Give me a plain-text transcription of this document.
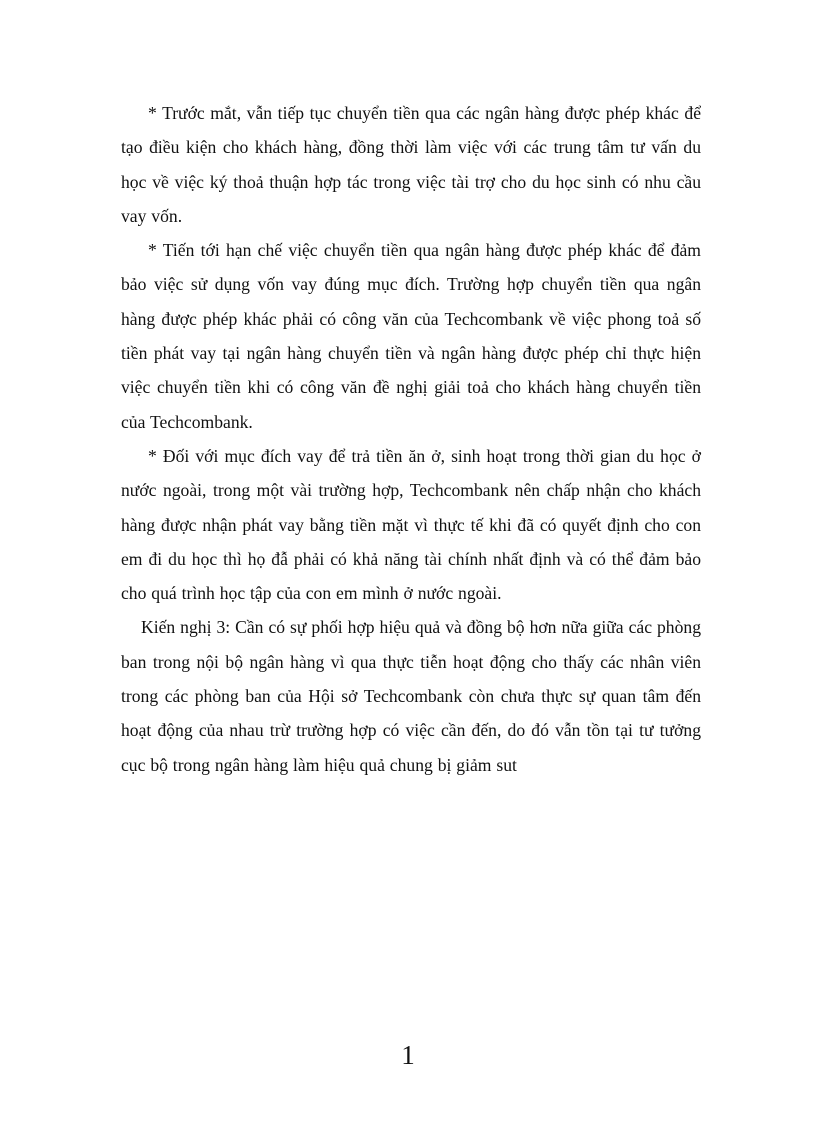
* Trước mắt, vẫn tiếp tục chuyển tiền qua các ngân hàng được phép khác để tạo điều kiện cho khách hàng, đồng thời làm việc với các trung tâm tư vấn du học về việc ký thoả thuận hợp tác trong việc tài trợ cho du học sinh có nhu cầu vay vốn.

* Tiến tới hạn chế việc chuyển tiền qua ngân hàng được phép khác để đảm bảo việc sử dụng vốn vay đúng mục đích. Trường hợp chuyển tiền qua ngân hàng được phép khác phải có công văn của Techcombank về việc phong toả số tiền phát vay tại ngân hàng chuyển tiền và ngân hàng được phép chỉ thực hiện việc chuyển tiền khi có công văn đề nghị giải toả cho khách hàng chuyển tiền của Techcombank.

* Đối với mục đích vay để trả tiền ăn ở, sinh hoạt trong thời gian du học ở nước ngoài, trong một vài trường hợp, Techcombank nên chấp nhận cho khách hàng được nhận phát vay bằng tiền mặt vì thực tế khi đã có quyết định cho con em đi du học thì họ đẫ phải có khả năng tài chính nhất định và có thể đảm bảo cho quá trình học tập của con em mình ở nước ngoài.

Kiến nghị 3: Cần có sự phối hợp hiệu quả và đồng bộ hơn nữa giữa các phòng ban trong nội bộ ngân hàng vì qua thực tiễn hoạt động cho thấy các nhân viên trong các phòng ban của Hội sở Techcombank còn chưa thực sự quan tâm đến hoạt động của nhau trừ trường hợp có việc cần đến, do đó vẫn tồn tại tư tưởng cục bộ trong ngân hàng làm hiệu quả chung bị giảm sut

1
